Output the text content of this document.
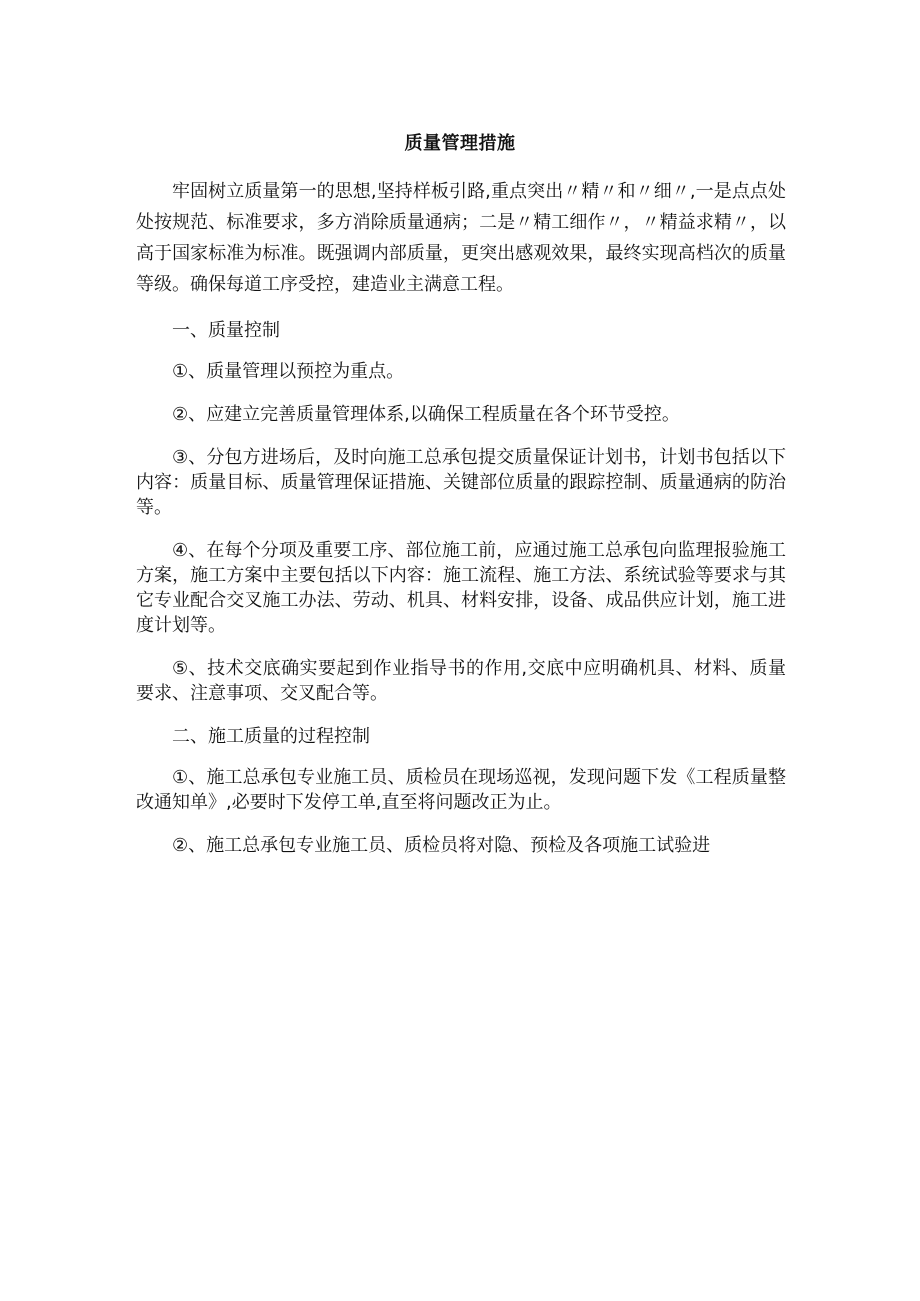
质量管理措施

牢固树立质量第一的思想,坚持样板引路,重点突出〃精〃和〃细〃,一是点点处处按规范、标准要求，多方消除质量通病；二是〃精工细作〃，〃精益求精〃，以高于国家标准为标准。既强调内部质量，更突出感观效果，最终实现高档次的质量等级。确保每道工序受控，建造业主满意工程。

一、质量控制

①、质量管理以预控为重点。

②、应建立完善质量管理体系,以确保工程质量在各个环节受控。

③、分包方进场后，及时向施工总承包提交质量保证计划书，计划书包括以下内容：质量目标、质量管理保证措施、关键部位质量的跟踪控制、质量通病的防治等。

④、在每个分项及重要工序、部位施工前，应通过施工总承包向监理报验施工方案，施工方案中主要包括以下内容：施工流程、施工方法、系统试验等要求与其它专业配合交叉施工办法、劳动、机具、材料安排，设备、成品供应计划，施工进度计划等。

⑤、技术交底确实要起到作业指导书的作用,交底中应明确机具、材料、质量要求、注意事项、交叉配合等。

二、施工质量的过程控制

①、施工总承包专业施工员、质检员在现场巡视，发现问题下发《工程质量整改通知单》,必要时下发停工单,直至将问题改正为止。

②、施工总承包专业施工员、质检员将对隐、预检及各项施工试验进
